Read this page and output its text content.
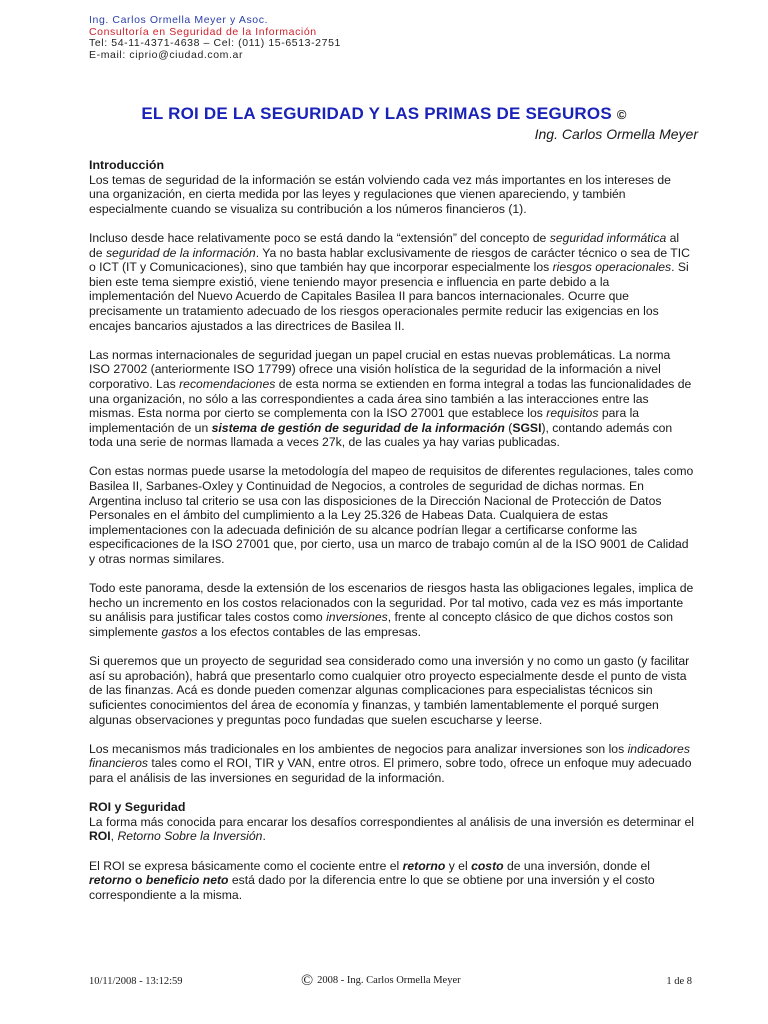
Ing. Carlos Ormella Meyer y Asoc.
Consultoría en Seguridad de la Información
Tel: 54-11-4371-4638 – Cel: (011) 15-6513-2751
E-mail: ciprio@ciudad.com.ar
EL ROI DE LA SEGURIDAD Y LAS PRIMAS DE SEGUROS ©
Ing. Carlos Ormella Meyer
Introducción

Los temas de seguridad de la información se están volviendo cada vez más importantes en los intereses de una organización, en cierta medida por las leyes y regulaciones que vienen apareciendo, y también especialmente cuando se visualiza su contribución a los números financieros (1).

Incluso desde hace relativamente poco se está dando la “extensión” del concepto de seguridad informática al de seguridad de la información. Ya no basta hablar exclusivamente de riesgos de carácter técnico o sea de TIC o ICT (IT y Comunicaciones), sino que también hay que incorporar especialmente los riesgos operacionales. Si bien este tema siempre existió, viene teniendo mayor presencia e influencia en parte debido a la implementación del Nuevo Acuerdo de Capitales Basilea II para bancos internacionales. Ocurre que precisamente un tratamiento adecuado de los riesgos operacionales permite reducir las exigencias en los encajes bancarios ajustados a las directrices de Basilea II.

Las normas internacionales de seguridad juegan un papel crucial en estas nuevas problemáticas. La norma ISO 27002 (anteriormente ISO 17799) ofrece una visión holística de la seguridad de la información a nivel corporativo. Las recomendaciones de esta norma se extienden en forma integral a todas las funcionalidades de una organización, no sólo a las correspondientes a cada área sino también a las interacciones entre las mismas. Esta norma por cierto se complementa con la ISO 27001 que establece los requisitos para la implementación de un sistema de gestión de seguridad de la información (SGSI), contando además con toda una serie de normas llamada a veces 27k, de las cuales ya hay varias publicadas.

Con estas normas puede usarse la metodología del mapeo de requisitos de diferentes regulaciones, tales como Basilea II, Sarbanes-Oxley y Continuidad de Negocios, a controles de seguridad de dichas normas. En Argentina incluso tal criterio se usa con las disposiciones de la Dirección Nacional de Protección de Datos Personales en el ámbito del cumplimiento a la Ley 25.326 de Habeas Data. Cualquiera de estas implementaciones con la adecuada definición de su alcance podrían llegar a certificarse conforme las especificaciones de la ISO 27001 que, por cierto, usa un marco de trabajo común al de la ISO 9001 de Calidad y otras normas similares.

Todo este panorama, desde la extensión de los escenarios de riesgos hasta las obligaciones legales, implica de hecho un incremento en los costos relacionados con la seguridad. Por tal motivo, cada vez es más importante su análisis para justificar tales costos como inversiones, frente al concepto clásico de que dichos costos son simplemente gastos a los efectos contables de las empresas.

Si queremos que un proyecto de seguridad sea considerado como una inversión y no como un gasto (y facilitar así su aprobación), habrá que presentarlo como cualquier otro proyecto especialmente desde el punto de vista de las finanzas. Acá es donde pueden comenzar algunas complicaciones para especialistas técnicos sin suficientes conocimientos del área de economía y finanzas, y también lamentablemente el porqué surgen algunas observaciones y preguntas poco fundadas que suelen escucharse y leerse.

Los mecanismos más tradicionales en los ambientes de negocios para analizar inversiones son los indicadores financieros tales como el ROI, TIR y VAN, entre otros. El primero, sobre todo, ofrece un enfoque muy adecuado para el análisis de las inversiones en seguridad de la información.

ROI y Seguridad

La forma más conocida para encarar los desafíos correspondientes al análisis de una inversión es determinar el ROI, Retorno Sobre la Inversión.

El ROI se expresa básicamente como el cociente entre el retorno y el costo de una inversión, donde el retorno o beneficio neto está dado por la diferencia entre lo que se obtiene por una inversión y el costo correspondiente a la misma.

10/11/2008 - 13:12:59	© 2008 - Ing. Carlos Ormella Meyer	1 de 8
